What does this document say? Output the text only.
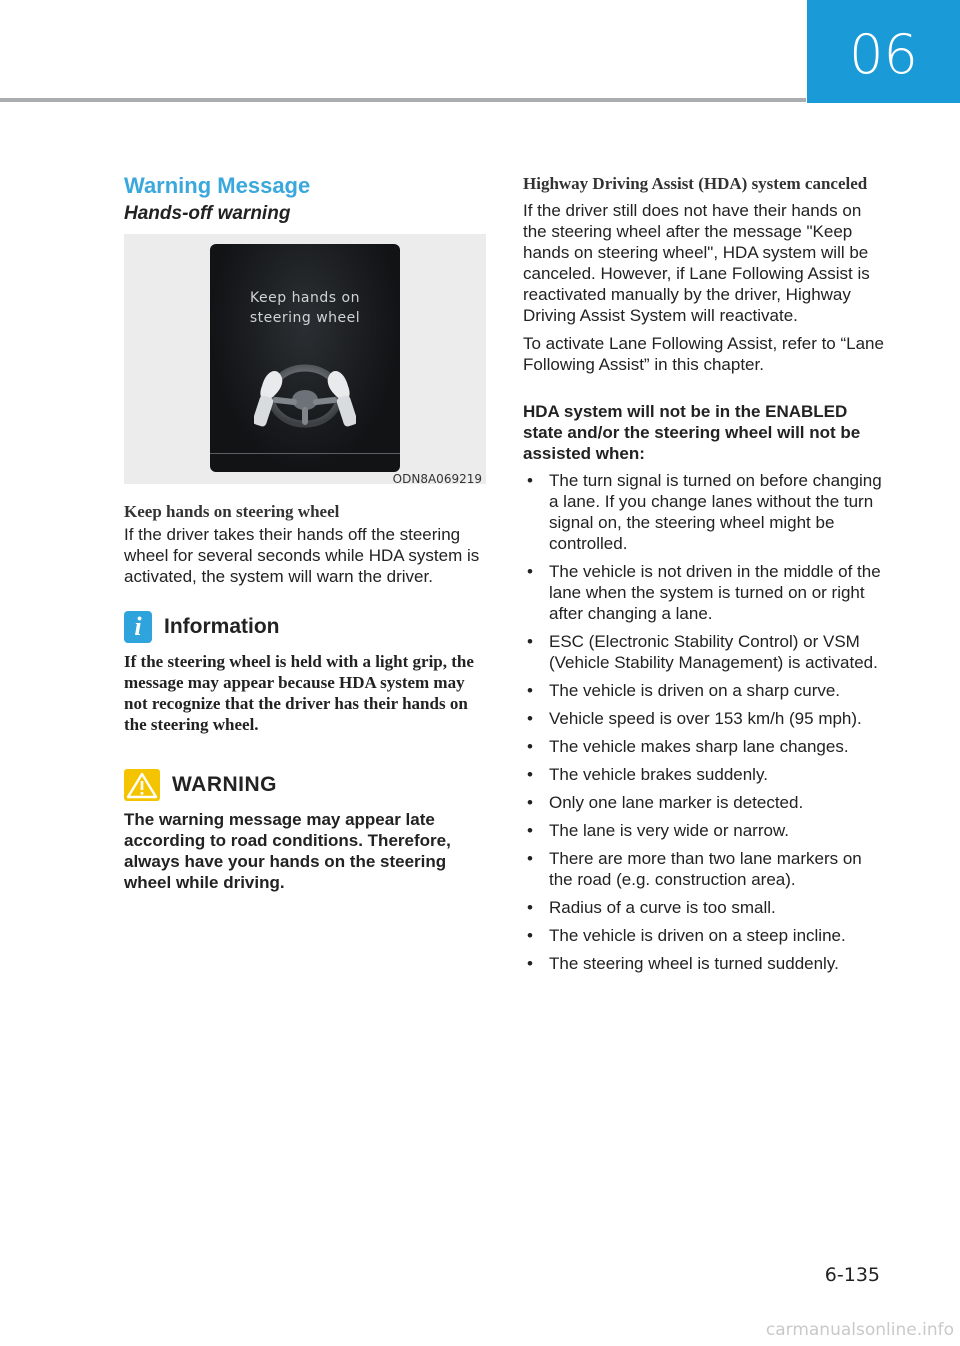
06
Warning Message
Hands-off warning
Keep hands on
steering wheel
ODN8A069219
Keep hands on steering wheel

If the driver takes their hands off the steering wheel for several seconds while HDA system is activated, the system will warn the driver.

i	Information

If the steering wheel is held with a light grip, the message may appear because HDA system may not recognize that the driver has their hands on the steering wheel.

WARNING

The warning message may appear late according to road conditions. Therefore, always have your hands on the steering wheel while driving.

Highway Driving Assist (HDA) system canceled

If the driver still does not have their hands on the steering wheel after the message "Keep hands on steering wheel", HDA system will be canceled. However, if Lane Following Assist is reactivated manually by the driver, Highway Driving Assist System will reactivate.

To activate Lane Following Assist, refer to “Lane Following Assist” in this chapter.

HDA system will not be in the ENABLED state and/or the steering wheel will not be assisted when:
• The turn signal is turned on before changing a lane. If you change lanes without the turn signal on, the steering wheel might be controlled.
• The vehicle is not driven in the middle of the lane when the system is turned on or right after changing a lane.
• ESC (Electronic Stability Control) or VSM (Vehicle Stability Management) is activated.
• The vehicle is driven on a sharp curve.
• Vehicle speed is over 153 km/h (95 mph).
• The vehicle makes sharp lane changes.
• The vehicle brakes suddenly.
• Only one lane marker is detected.
• The lane is very wide or narrow.
• There are more than two lane markers on the road (e.g. construction area).
• Radius of a curve is too small.
• The vehicle is driven on a steep incline.
• The steering wheel is turned suddenly.
6-135
carmanualsonline.info
